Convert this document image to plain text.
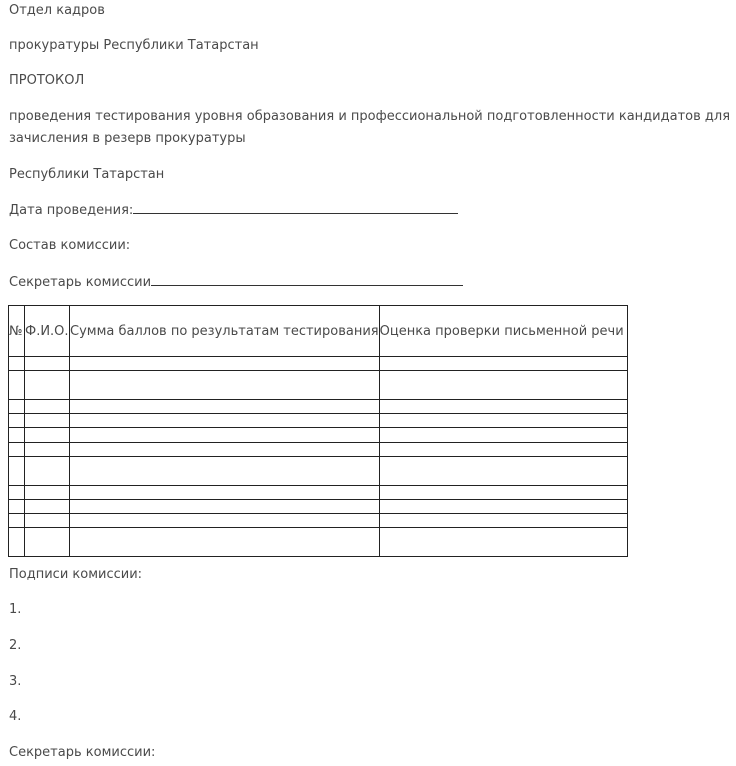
Отдел кадров
прокуратуры Республики Татарстан
ПРОТОКОЛ
проведения тестирования уровня образования и профессиональной подготовленности кандидатов для зачисления в резерв прокуратуры
Республики Татарстан
Дата проведения:
Состав комиссии:
Секретарь комиссии
№	Ф.И.О.	Сумма баллов по результатам тестирования	Оценка проверки письменной речи

Подписи комиссии:
1.
2.
3.
4.
Секретарь комиссии:
